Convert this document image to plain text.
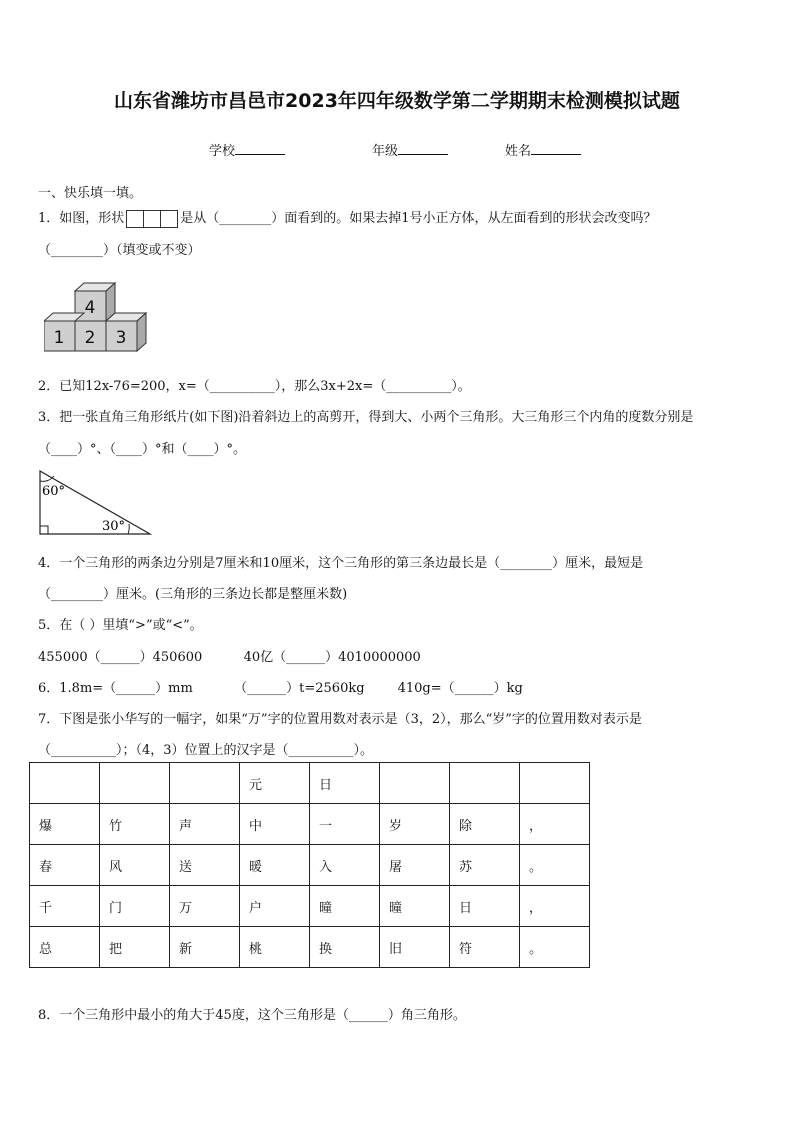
山东省潍坊市昌邑市2023年四年级数学第二学期期末检测模拟试题
学校	年级	姓名
一、快乐填一填。
1．如图，形状	是从（________）面看到的。如果去掉1号小正方体，从左面看到的形状会改变吗？
（________）（填变或不变）
4
1 2 3
2．已知12x-76=200，x=（__________），那么3x+2x=（__________）。
3．把一张直角三角形纸片(如下图)沿着斜边上的高剪开，得到大、小两个三角形。大三角形三个内角的度数分别是
（____）°、（____）°和（____）°。
60°
30°
4．一个三角形的两条边分别是7厘米和10厘米，这个三角形的第三条边最长是（________）厘米，最短是
（________）厘米。(三角形的三条边长都是整厘米数)
5．在（ ）里填“>”或“<”。
455000（______）450600          40亿（______）4010000000
6．1.8m=（______）mm          （______）t=2560kg        410g=（______）kg
7．下图是张小华写的一幅字，如果“万”字的位置用数对表示是（3，2），那么“岁”字的位置用数对表示是
（__________）；（4，3）位置上的汉字是（__________）。
			元	日			
爆	竹	声	中	一	岁	除	，
春	风	送	暖	入	屠	苏	。
千	门	万	户	曈	曈	日	，
总	把	新	桃	换	旧	符	。
8．一个三角形中最小的角大于45度，这个三角形是（______）角三角形。
